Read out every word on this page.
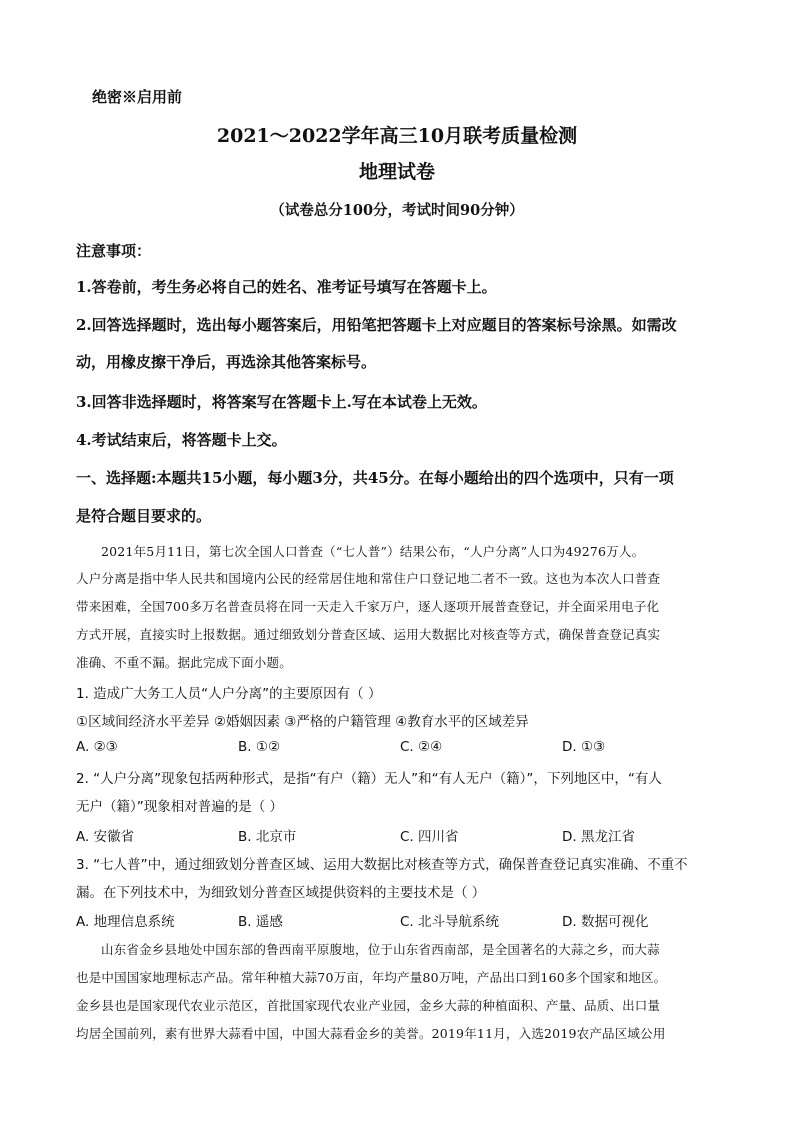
绝密※启用前
2021～2022学年高三10月联考质量检测
地理试卷
（试卷总分100分，考试时间90分钟）
注意事项：
1.答卷前，考生务必将自己的姓名、准考证号填写在答题卡上。
2.回答选择题时，选出每小题答案后，用铅笔把答题卡上对应题目的答案标号涂黑。如需改
动，用橡皮擦干净后，再选涂其他答案标号。
3.回答非选择题时，将答案写在答题卡上.写在本试卷上无效。
4.考试结束后，将答题卡上交。
一、选择题:本题共15小题，每小题3分，共45分。在每小题给出的四个选项中，只有一项
是符合题目要求的。
2021年5月11日，第七次全国人口普查（“七人普”）结果公布，“人户分离”人口为49276万人。
人户分离是指中华人民共和国境内公民的经常居住地和常住户口登记地二者不一致。这也为本次人口普查
带来困难，全国700多万名普查员将在同一天走入千家万户，逐人逐项开展普查登记，并全面采用电子化
方式开展，直接实时上报数据。通过细致划分普查区域、运用大数据比对核查等方式，确保普查登记真实
准确、不重不漏。据此完成下面小题。
1. 造成广大务工人员“人户分离”的主要原因有（ ）
①区域间经济水平差异 ②婚姻因素 ③严格的户籍管理 ④教育水平的区域差异
A. ②③	B. ①②	C. ②④	D. ①③
2. “人户分离”现象包括两种形式，是指“有户（籍）无人”和“有人无户（籍）”，下列地区中，“有人
无户（籍）”现象相对普遍的是（ ）
A. 安徽省	B. 北京市	C. 四川省	D. 黑龙江省
3. “七人普”中，通过细致划分普查区域、运用大数据比对核查等方式，确保普查登记真实准确、不重不
漏。在下列技术中，为细致划分普查区域提供资料的主要技术是（ ）
A. 地理信息系统	B. 遥感	C. 北斗导航系统	D. 数据可视化
山东省金乡县地处中国东部的鲁西南平原腹地，位于山东省西南部，是全国著名的大蒜之乡，而大蒜
也是中国国家地理标志产品。常年种植大蒜70万亩，年均产量80万吨，产品出口到160多个国家和地区。
金乡县也是国家现代农业示范区，首批国家现代农业产业园，金乡大蒜的种植面积、产量、品质、出口量
均居全国前列，素有世界大蒜看中国，中国大蒜看金乡的美誉。2019年11月，入选2019农产品区域公用
